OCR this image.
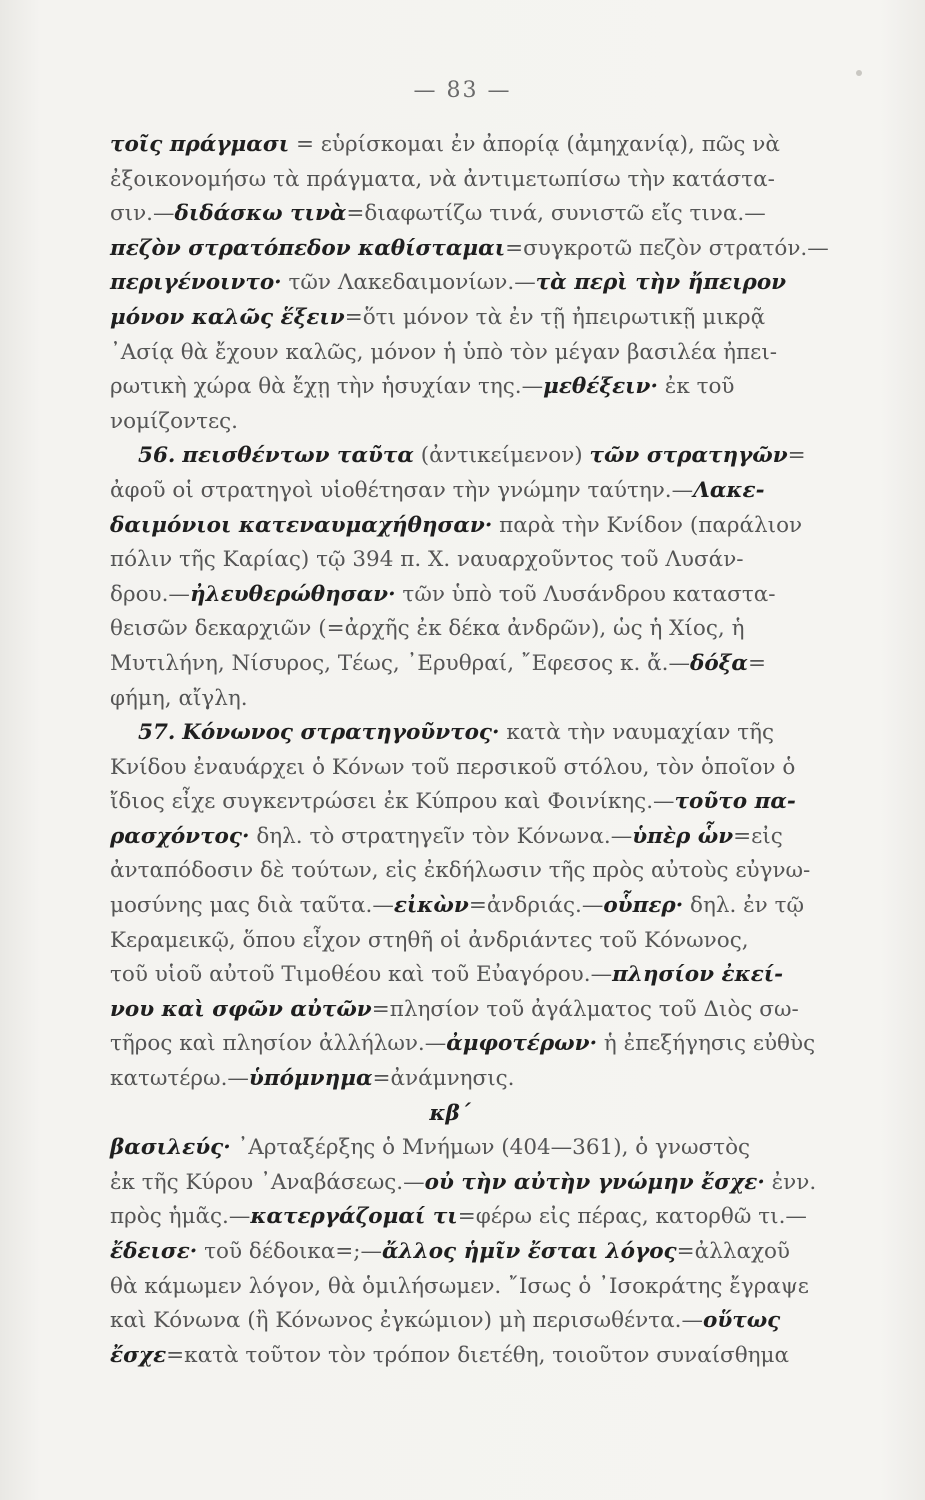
— 83 —
τοῖς πράγμασι = εὑρίσκομαι ἐν ἀπορίᾳ (ἀμηχανίᾳ), πῶς νὰ
ἐξοικονομήσω τὰ πράγματα, νὰ ἀντιμετωπίσω τὴν κατάστα-
σιν.—διδάσκω τινὰ=διαφωτίζω τινά, συνιστῶ εἴς τινα.—
πεζὸν στρατόπεδον καθίσταμαι=συγκροτῶ πεζὸν στρατόν.—
περιγένοιντο· τῶν Λακεδαιμονίων.—τὰ περὶ τὴν ἤπειρον
μόνον καλῶς ἕξειν=ὅτι μόνον τὰ ἐν τῇ ἠπειρωτικῇ μικρᾷ
᾿Ασίᾳ θὰ ἔχουν καλῶς, μόνον ἡ ὑπὸ τὸν μέγαν βασιλέα ἠπει-
ρωτικὴ χώρα θὰ ἔχῃ τὴν ἡσυχίαν της.—μεθέξειν· ἐκ τοῦ
νομίζοντες.
56. πεισθέντων ταῦτα (ἀντικείμενον) τῶν στρατηγῶν=
ἀφοῦ οἱ στρατηγοὶ υἱοθέτησαν τὴν γνώμην ταύτην.—Λακε-
δαιμόνιοι κατεναυμαχήθησαν· παρὰ τὴν Κνίδον (παράλιον
πόλιν τῆς Καρίας) τῷ 394 π. Χ. ναυαρχοῦντος τοῦ Λυσάν-
δρου.—ἠλευθερώθησαν· τῶν ὑπὸ τοῦ Λυσάνδρου καταστα-
θεισῶν δεκαρχιῶν (=ἀρχῆς ἐκ δέκα ἀνδρῶν), ὡς ἡ Χίος, ἡ
Μυτιλήνη, Νίσυρος, Τέως, ᾿Ερυθραί, ῎Εφεσος κ. ἄ.—δόξα=
φήμη, αἴγλη.
57. Κόνωνος στρατηγοῦντος· κατὰ τὴν ναυμαχίαν τῆς
Κνίδου ἐναυάρχει ὁ Κόνων τοῦ περσικοῦ στόλου, τὸν ὁποῖον ὁ
ἴδιος εἶχε συγκεντρώσει ἐκ Κύπρου καὶ Φοινίκης.—τοῦτο πα-
ρασχόντος· δηλ. τὸ στρατηγεῖν τὸν Κόνωνα.—ὑπὲρ ὧν=εἰς
ἀνταπόδοσιν δὲ τούτων, εἰς ἐκδήλωσιν τῆς πρὸς αὐτοὺς εὐγνω-
μοσύνης μας διὰ ταῦτα.—εἰκὼν=ἀνδριάς.—οὗπερ· δηλ. ἐν τῷ
Κεραμεικῷ, ὅπου εἶχον στηθῆ οἱ ἀνδριάντες τοῦ Κόνωνος,
τοῦ υἱοῦ αὐτοῦ Τιμοθέου καὶ τοῦ Εὐαγόρου.—πλησίον ἐκεί-
νου καὶ σφῶν αὐτῶν=πλησίον τοῦ ἀγάλματος τοῦ Διὸς σω-
τῆρος καὶ πλησίον ἀλλήλων.—ἀμφοτέρων· ἡ ἐπεξήγησις εὐθὺς
κατωτέρω.—ὑπόμνημα=ἀνάμνησις.
κβ΄
βασιλεύς· ᾿Αρταξέρξης ὁ Μνήμων (404—361), ὁ γνωστὸς
ἐκ τῆς Κύρου ᾿Αναβάσεως.—οὐ τὴν αὐτὴν γνώμην ἔσχε· ἐνν.
πρὸς ἡμᾶς.—κατεργάζομαί τι=φέρω εἰς πέρας, κατορθῶ τι.—
ἔδεισε· τοῦ δέδοικα=;—ἄλλος ἡμῖν ἔσται λόγος=ἀλλαχοῦ
θὰ κάμωμεν λόγον, θὰ ὁμιλήσωμεν. ῎Ισως ὁ ᾿Ισοκράτης ἔγραψε
καὶ Κόνωνα (ἢ Κόνωνος ἐγκώμιον) μὴ περισωθέντα.—οὕτως
ἔσχε=κατὰ τοῦτον τὸν τρόπον διετέθη, τοιοῦτον συναίσθημα
